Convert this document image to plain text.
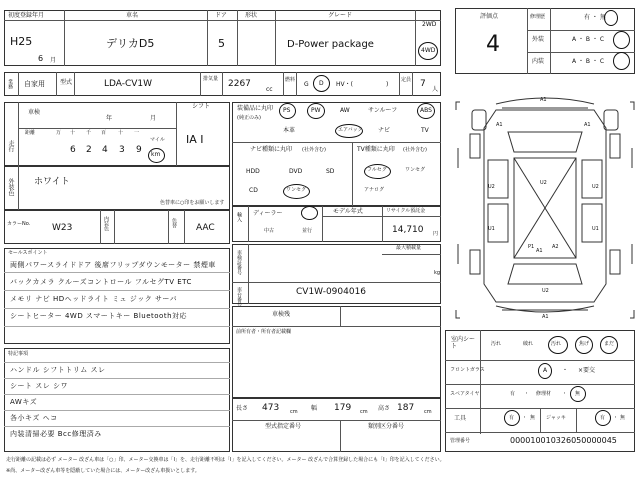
初度登録年月
H25
6 月
車名
デリカD5
ドア
5
形状	グレード
D-Power package
2WD
4WD
業務 自家用	型式	LDA-CV1W	排気量 2267
cc
燃料
G D HV・(	)
定員 7
人
車検
年	月
走行
距離	万 十 千 百 十 一
6 2 4 3 9
マイル
km
シフト
IA I
外装色 ホワイト
色替車に○印をお願いします
カラーNo. W23	内装色	色替 AAC
セールスポイント
両側パワースライドドア 後席フリップダウンモーター 禁煙車
バックカメラ クルーズコントロール フルセグTV ETC
メモリ ナビ HDヘッドライト ミュ ジック サーバ
シートヒーター 4WD スマートキー Bluetooth対応
特記事項
ハンドル シフトトリム スレ
シート スレ シワ
AWキズ
各小キズ ヘコ
内装清掃必要 Bcc修理済み
装備品に丸印
(純正のみ)
PS	PW	AW	サンルーフ	ABS
本革	エアバック	ナビ	TV
ナビ種類に丸印 (社外含む)
HDD	DVD	SD
CD	ワンセグ
TV種類に丸印 (社外含む)
フルセグ	ワンセグ
アナログ
輸入 ディーラー
中古	並行
モデル年式	リサイクル預託金
14,710 円
車検証番号
最大積載量
kg
車台番号	CV1W-0904016
車検残
前所有者・所有者記載欄
長さ 473 cm 幅 179 cm 高さ 187 cm
型式指定番号	類別区分番号
評価点
4
修理歴	有 ・ 無
外装	A ・ B ・ C
内装	A ・ B ・ C
A1
A1	A1
U2	U2
U1	U1
U2
A1
P1	A2
U2
A1
室内シート	汚れ	破れ	汚れ	焦げ	まだ
フロントガラス	A ・ ×要交
スペアタイヤ	有 ・ 修理材 ・ 無
工具	有 ・ 無 ジャッキ	有 ・ 無
管理番号	000010010326050000045
走行距離の記載は必ず メーター 改ざん車は「○」印、メーター交換車は「I」を、走行距離不明は「I」を記入してください。メーター 改ざんで合算登録した場合にも「I」印を記入してください。
※尚、メーター改ざん車等を隠蔽していた場合には、メーター改ざん車扱いとします。
